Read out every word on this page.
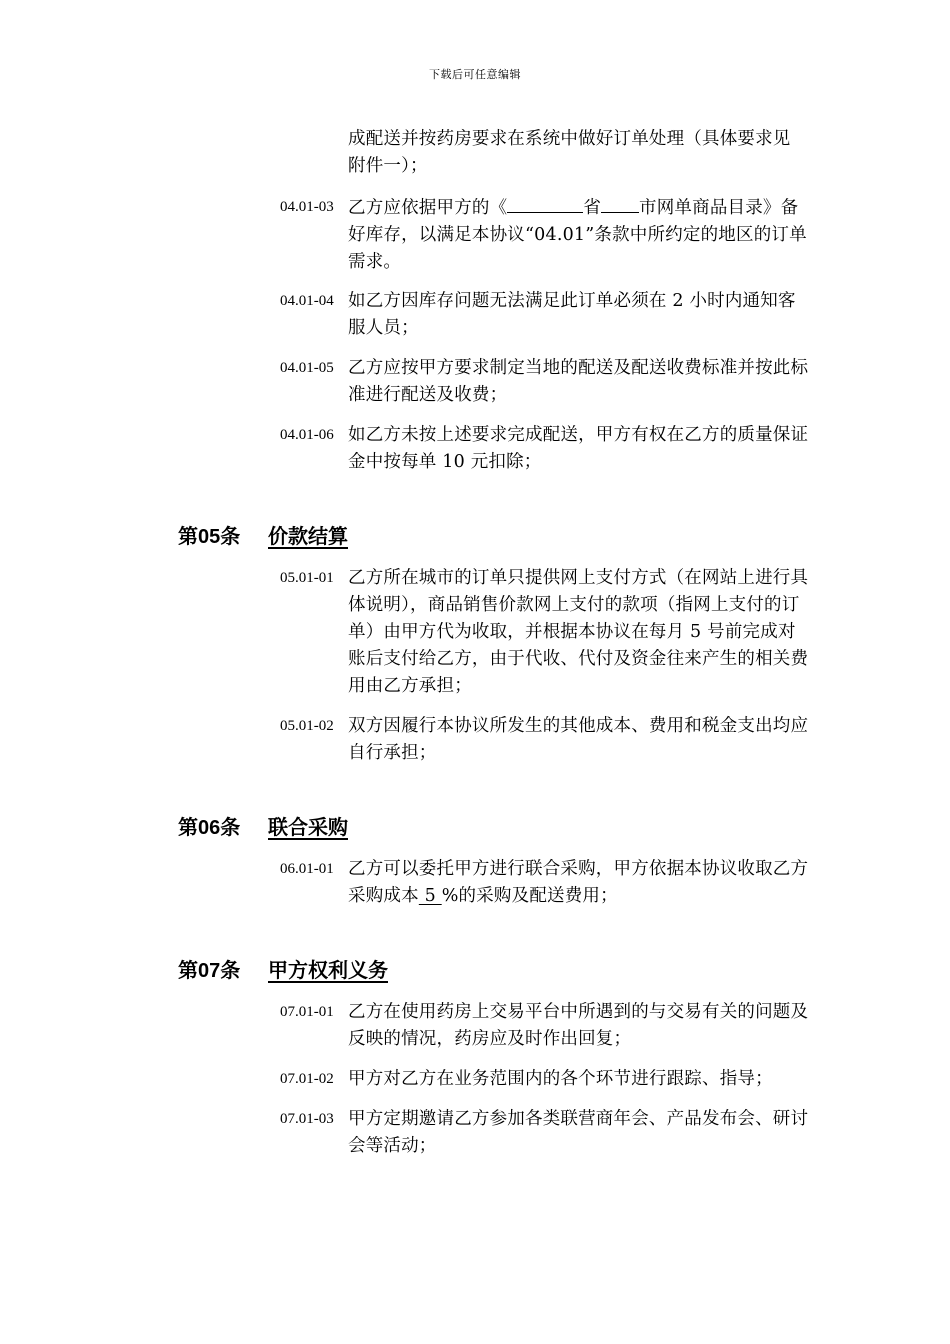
下载后可任意编辑
成配送并按药房要求在系统中做好订单处理（具体要求见附件一）；
04.01-03 乙方应依据甲方的《	省 市网单商品目录》备好库存，以满足本协议“04.01”条款中所约定的地区的订单需求。
04.01-04 如乙方因库存问题无法满足此订单必须在 2 小时内通知客服人员；
04.01-05 乙方应按甲方要求制定当地的配送及配送收费标准并按此标准进行配送及收费；
04.01-06 如乙方未按上述要求完成配送，甲方有权在乙方的质量保证金中按每单 10 元扣除；
第05条 价款结算
05.01-01 乙方所在城市的订单只提供网上支付方式（在网站上进行具体说明），商品销售价款网上支付的款项（指网上支付的订单）由甲方代为收取，并根据本协议在每月 5 号前完成对账后支付给乙方，由于代收、代付及资金往来产生的相关费用由乙方承担；
05.01-02 双方因履行本协议所发生的其他成本、费用和税金支出均应自行承担；
第06条 联合采购
06.01-01 乙方可以委托甲方进行联合采购，甲方依据本协议收取乙方采购成本 5 %的采购及配送费用；
第07条 甲方权利义务
07.01-01 乙方在使用药房上交易平台中所遇到的与交易有关的问题及反映的情况，药房应及时作出回复；
07.01-02 甲方对乙方在业务范围内的各个环节进行跟踪、指导；
07.01-03 甲方定期邀请乙方参加各类联营商年会、产品发布会、研讨会等活动；
